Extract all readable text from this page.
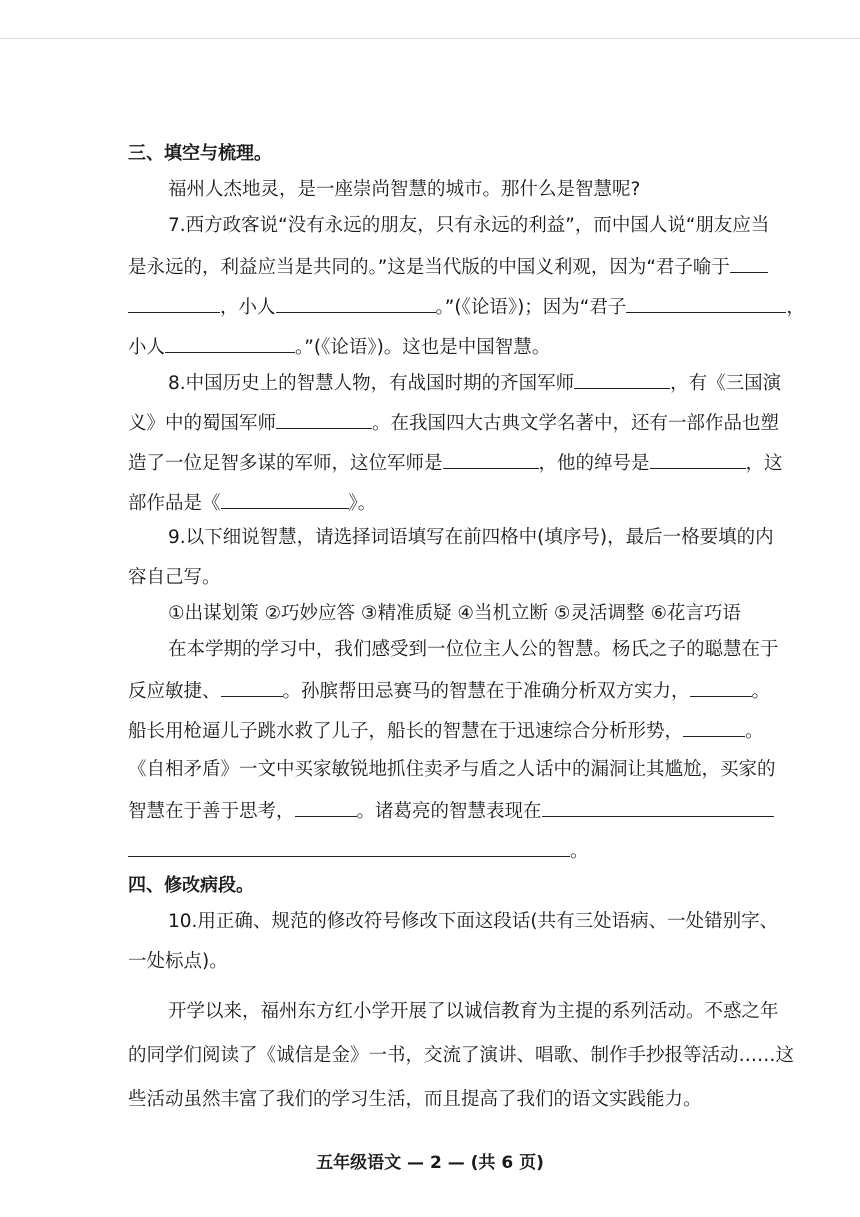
三、填空与梳理。
福州人杰地灵，是一座崇尚智慧的城市。那什么是智慧呢?
7.西方政客说“没有永远的朋友，只有永远的利益”，而中国人说“朋友应当
是永远的，利益应当是共同的。”这是当代版的中国义利观，因为“君子喻于
，小人	。”(《论语》)；因为“君子	，
小人	。”(《论语》)。这也是中国智慧。
8.中国历史上的智慧人物，有战国时期的齐国军师	，有《三国演
义》中的蜀国军师	。在我国四大古典文学名著中，还有一部作品也塑
造了一位足智多谋的军师，这位军师是	，他的绰号是	，这
部作品是《	》。
9.以下细说智慧，请选择词语填写在前四格中(填序号)，最后一格要填的内
容自己写。
①出谋划策 ②巧妙应答 ③精准质疑 ④当机立断 ⑤灵活调整 ⑥花言巧语
在本学期的学习中，我们感受到一位位主人公的智慧。杨氏之子的聪慧在于
反应敏捷、	。孙膑帮田忌赛马的智慧在于准确分析双方实力，	。
船长用枪逼儿子跳水救了儿子，船长的智慧在于迅速综合分析形势，	。
《自相矛盾》一文中买家敏锐地抓住卖矛与盾之人话中的漏洞让其尴尬，买家的
智慧在于善于思考，	。诸葛亮的智慧表现在
。
四、修改病段。
10.用正确、规范的修改符号修改下面这段话(共有三处语病、一处错别字、
一处标点)。
开学以来，福州东方红小学开展了以诚信教育为主提的系列活动。不惑之年
的同学们阅读了《诚信是金》一书，交流了演讲、唱歌、制作手抄报等活动……这
些活动虽然丰富了我们的学习生活，而且提高了我们的语文实践能力。
五年级语文 — 2 — (共 6 页)
